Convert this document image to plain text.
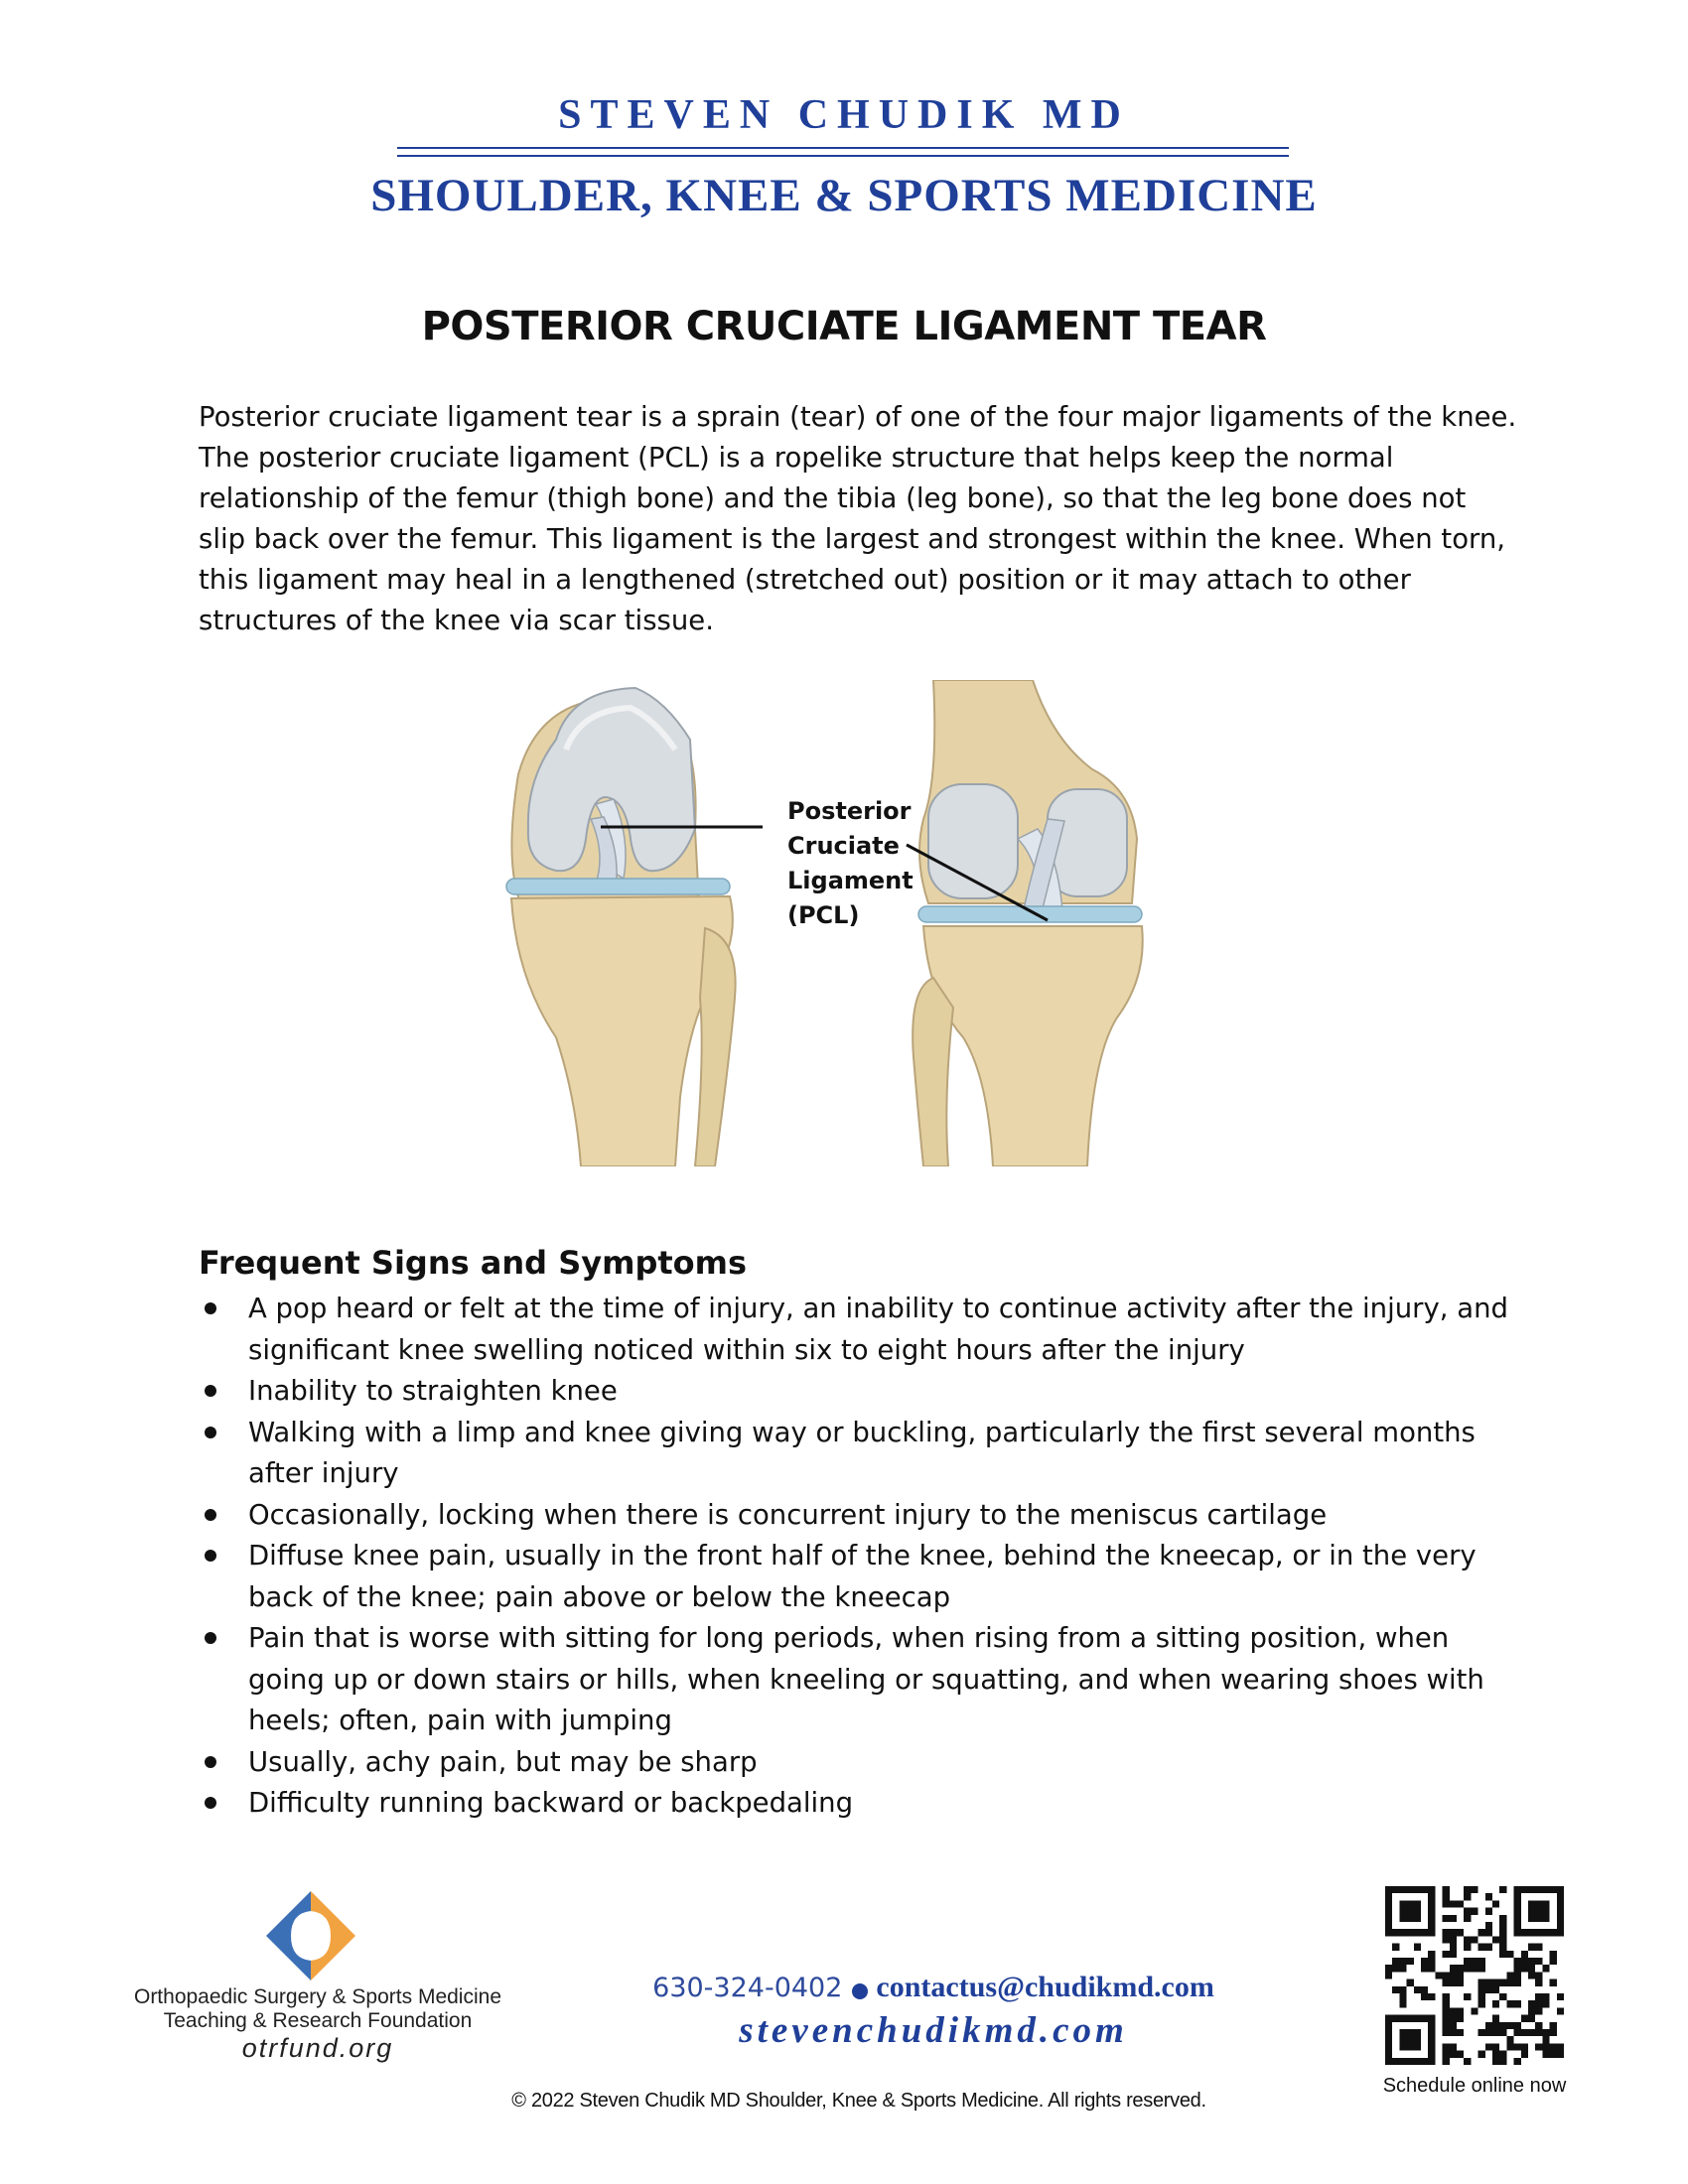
STEVEN CHUDIK MD
SHOULDER, KNEE & SPORTS MEDICINE
POSTERIOR CRUCIATE LIGAMENT TEAR
Posterior cruciate ligament tear is a sprain (tear) of one of the four major ligaments of the knee.
The posterior cruciate ligament (PCL) is a ropelike structure that helps keep the normal
relationship of the femur (thigh bone) and the tibia (leg bone), so that the leg bone does not
slip back over the femur. This ligament is the largest and strongest within the knee. When torn,
this ligament may heal in a lengthened (stretched out) position or it may attach to other
structures of the knee via scar tissue.
Posterior
Cruciate
Ligament
(PCL)
Frequent Signs and Symptoms
A pop heard or felt at the time of injury, an inability to continue activity after the injury, and
significant knee swelling noticed within six to eight hours after the injury
Inability to straighten knee
Walking with a limp and knee giving way or buckling, particularly the first several months
after injury
Occasionally, locking when there is concurrent injury to the meniscus cartilage
Diffuse knee pain, usually in the front half of the knee, behind the kneecap, or in the very
back of the knee; pain above or below the kneecap
Pain that is worse with sitting for long periods, when rising from a sitting position, when
going up or down stairs or hills, when kneeling or squatting, and when wearing shoes with
heels; often, pain with jumping
Usually, achy pain, but may be sharp
Difficulty running backward or backpedaling
Orthopaedic Surgery & Sports Medicine
Teaching & Research Foundation
otrfund.org
630-324-0402 contactus@chudikmd.com
stevenchudikmd.com
© 2022 Steven Chudik MD Shoulder, Knee & Sports Medicine. All rights reserved.
Schedule online now
